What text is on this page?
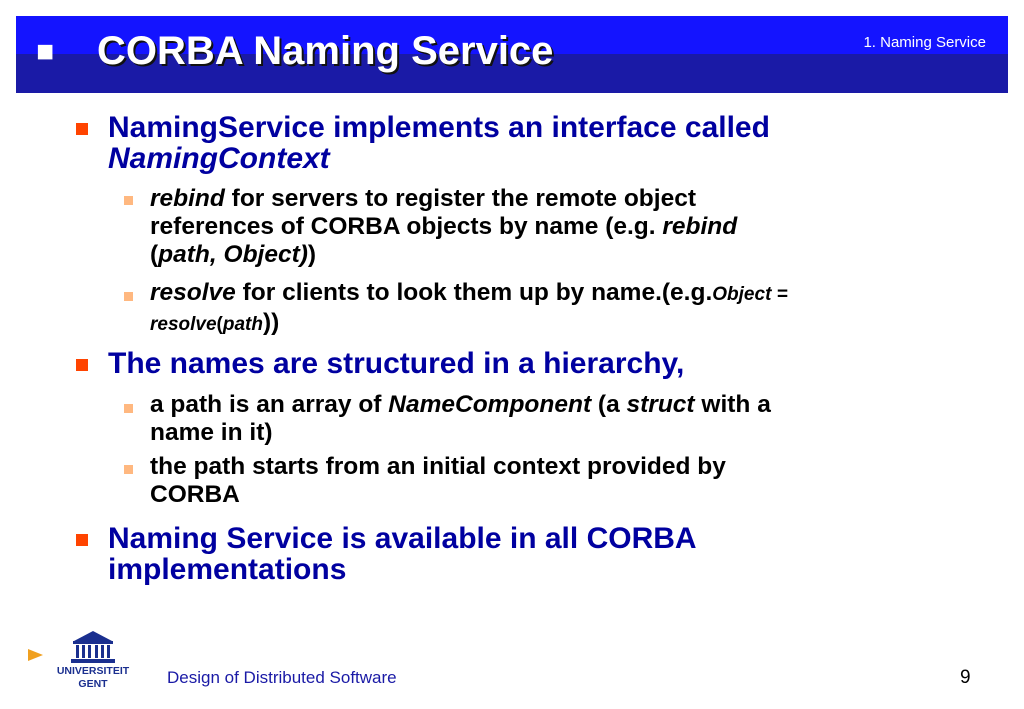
■ CORBA Naming Service	1. Naming Service
NamingService implements an interface called
NamingContext
rebind for servers to register the remote object
references of CORBA objects by name (e.g. rebind
(path, Object))
resolve for clients to look them up by name.(e.g.Object =
resolve(path))
The names are structured in a hierarchy,
a path is an array of NameComponent (a struct with a
name in it)
the path starts from an initial context provided by
CORBA
Naming Service is available in all CORBA
implementations
UNIVERSITEIT
GENT	Design of Distributed Software	9
